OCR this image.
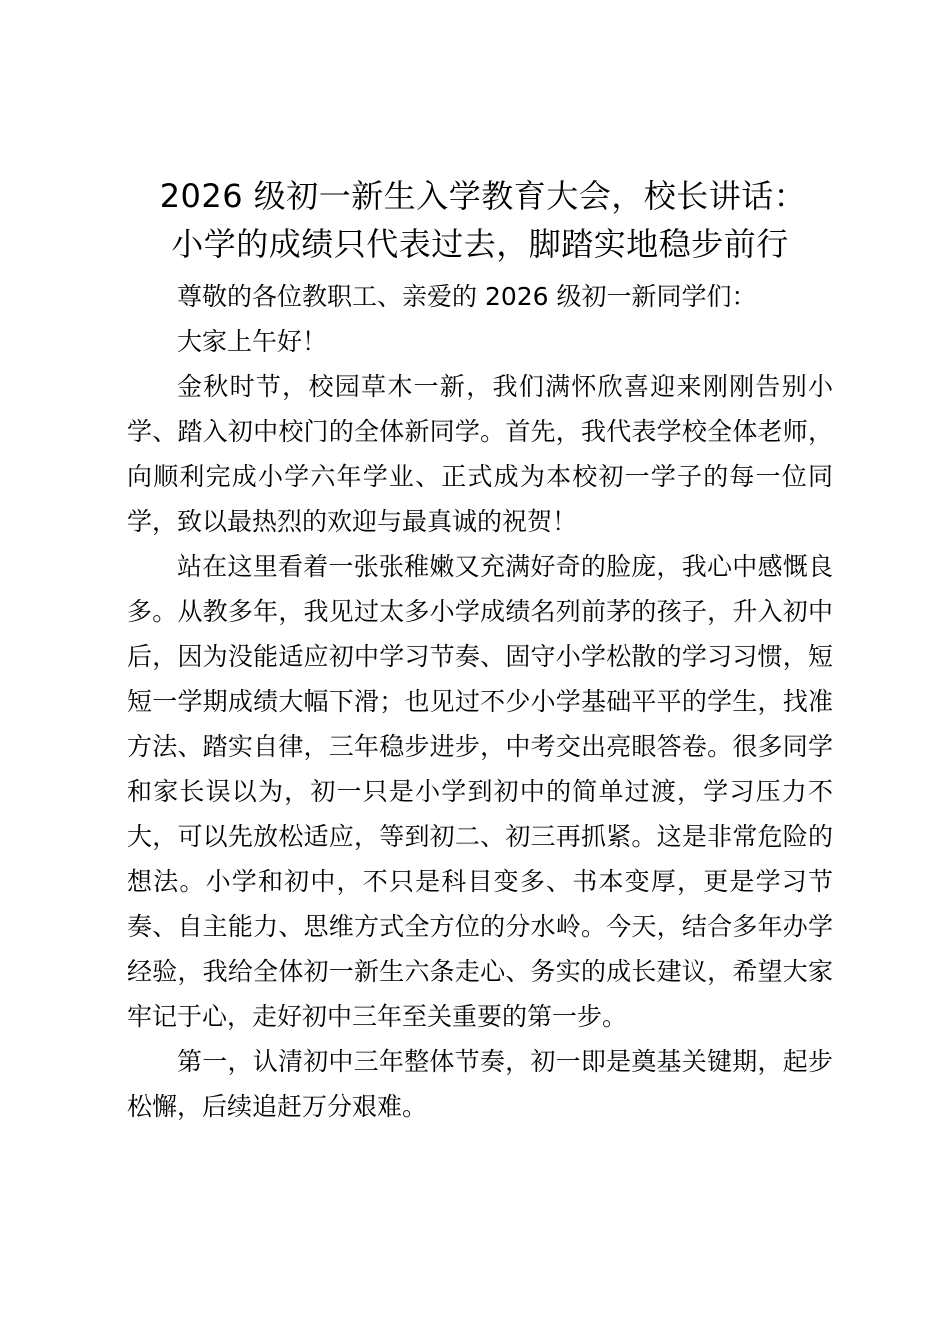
2026 级初一新生入学教育大会，校长讲话：
小学的成绩只代表过去，脚踏实地稳步前行

尊敬的各位教职工、亲爱的 2026 级初一新同学们：

大家上午好！

金秋时节，校园草木一新，我们满怀欣喜迎来刚刚告别小学、踏入初中校门的全体新同学。首先，我代表学校全体老师，向顺利完成小学六年学业、正式成为本校初一学子的每一位同学，致以最热烈的欢迎与最真诚的祝贺！

站在这里看着一张张稚嫩又充满好奇的脸庞，我心中感慨良多。从教多年，我见过太多小学成绩名列前茅的孩子，升入初中后，因为没能适应初中学习节奏、固守小学松散的学习习惯，短短一学期成绩大幅下滑；也见过不少小学基础平平的学生，找准方法、踏实自律，三年稳步进步，中考交出亮眼答卷。很多同学和家长误以为，初一只是小学到初中的简单过渡，学习压力不大，可以先放松适应，等到初二、初三再抓紧。这是非常危险的想法。小学和初中，不只是科目变多、书本变厚，更是学习节奏、自主能力、思维方式全方位的分水岭。今天，结合多年办学经验，我给全体初一新生六条走心、务实的成长建议，希望大家牢记于心，走好初中三年至关重要的第一步。

第一，认清初中三年整体节奏，初一即是奠基关键期，起步松懈，后续追赶万分艰难。
